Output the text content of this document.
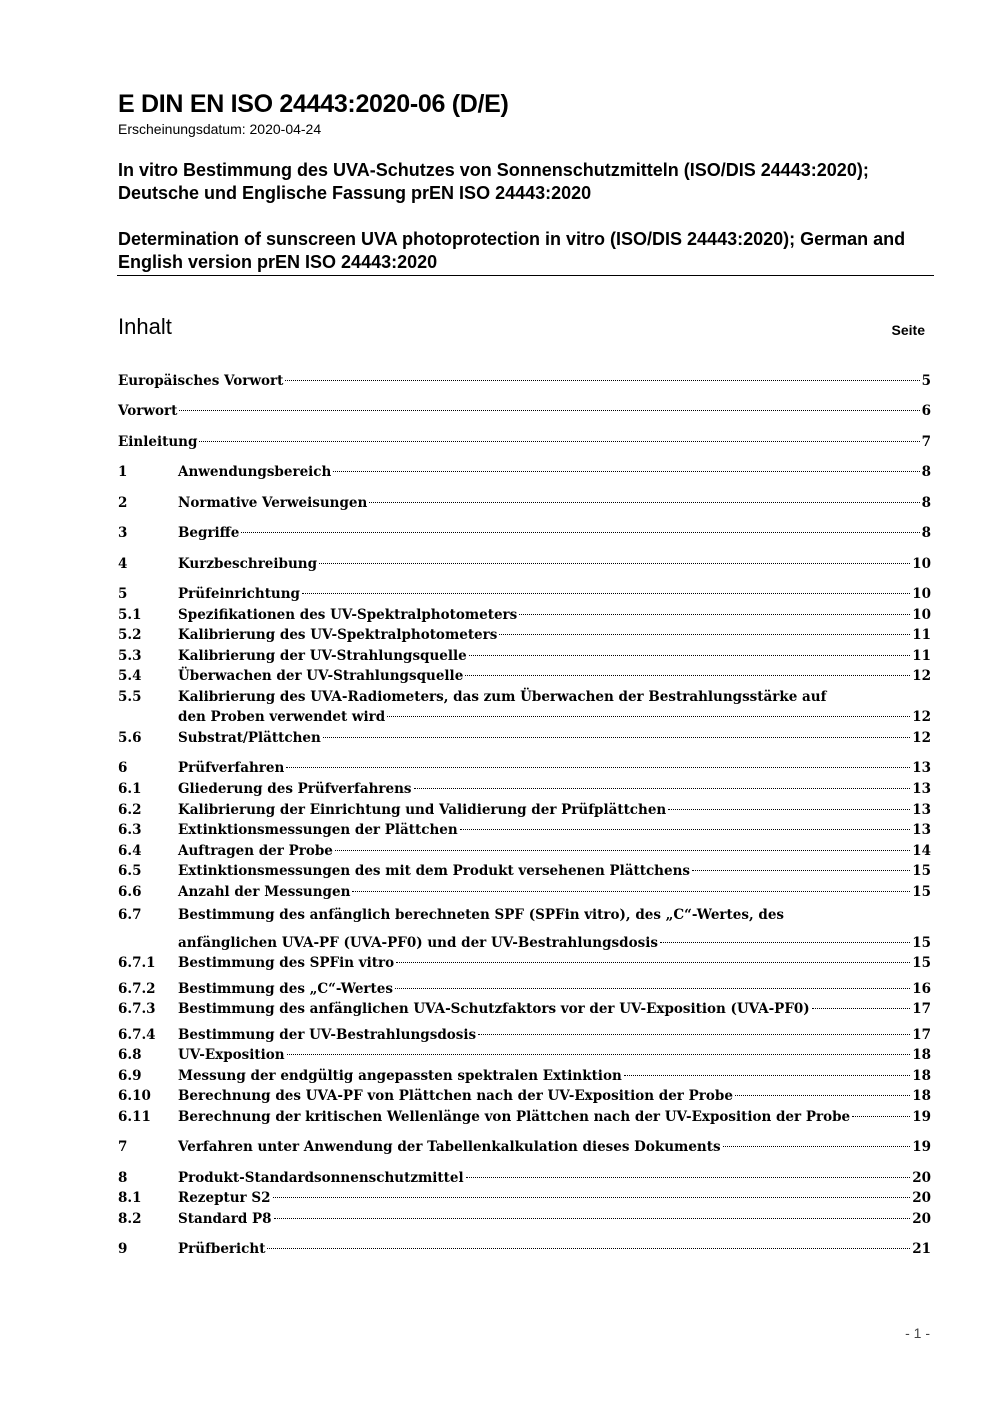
E DIN EN ISO 24443:2020-06 (D/E)
Erscheinungsdatum: 2020-04-24
In vitro Bestimmung des UVA-Schutzes von Sonnenschutzmitteln (ISO/DIS 24443:2020); Deutsche und Englische Fassung prEN ISO 24443:2020
Determination of sunscreen UVA photoprotection in vitro (ISO/DIS 24443:2020); German and English version prEN ISO 24443:2020
Inhalt	Seite
Europäisches Vorwort	5
Vorwort	6
Einleitung	7
1	Anwendungsbereich	8
2	Normative Verweisungen	8
3	Begriffe	8
4	Kurzbeschreibung	10
5	Prüfeinrichtung	10
5.1	Spezifikationen des UV-Spektralphotometers	10
5.2	Kalibrierung des UV-Spektralphotometers	11
5.3	Kalibrierung der UV-Strahlungsquelle	11
5.4	Überwachen der UV-Strahlungsquelle	12
5.5	Kalibrierung des UVA-Radiometers, das zum Überwachen der Bestrahlungsstärke auf
den Proben verwendet wird	12
5.6	Substrat/Plättchen	12
6	Prüfverfahren	13
6.1	Gliederung des Prüfverfahrens	13
6.2	Kalibrierung der Einrichtung und Validierung der Prüfplättchen	13
6.3	Extinktionsmessungen der Plättchen	13
6.4	Auftragen der Probe	14
6.5	Extinktionsmessungen des mit dem Produkt versehenen Plättchens	15
6.6	Anzahl der Messungen	15
6.7	Bestimmung des anfänglich berechneten SPF (SPFin vitro), des „C“-Wertes, des
anfänglichen UVA-PF (UVA-PF0) und der UV-Bestrahlungsdosis	15
6.7.1	Bestimmung des SPFin vitro	15
6.7.2	Bestimmung des „C“-Wertes	16
6.7.3	Bestimmung des anfänglichen UVA-Schutzfaktors vor der UV-Exposition (UVA-PF0)	17
6.7.4	Bestimmung der UV-Bestrahlungsdosis	17
6.8	UV-Exposition	18
6.9	Messung der endgültig angepassten spektralen Extinktion	18
6.10	Berechnung des UVA-PF von Plättchen nach der UV-Exposition der Probe	18
6.11	Berechnung der kritischen Wellenlänge von Plättchen nach der UV-Exposition der Probe	19
7	Verfahren unter Anwendung der Tabellenkalkulation dieses Dokuments	19
8	Produkt-Standardsonnenschutzmittel	20
8.1	Rezeptur S2	20
8.2	Standard P8	20
9	Prüfbericht	21
- 1 -
